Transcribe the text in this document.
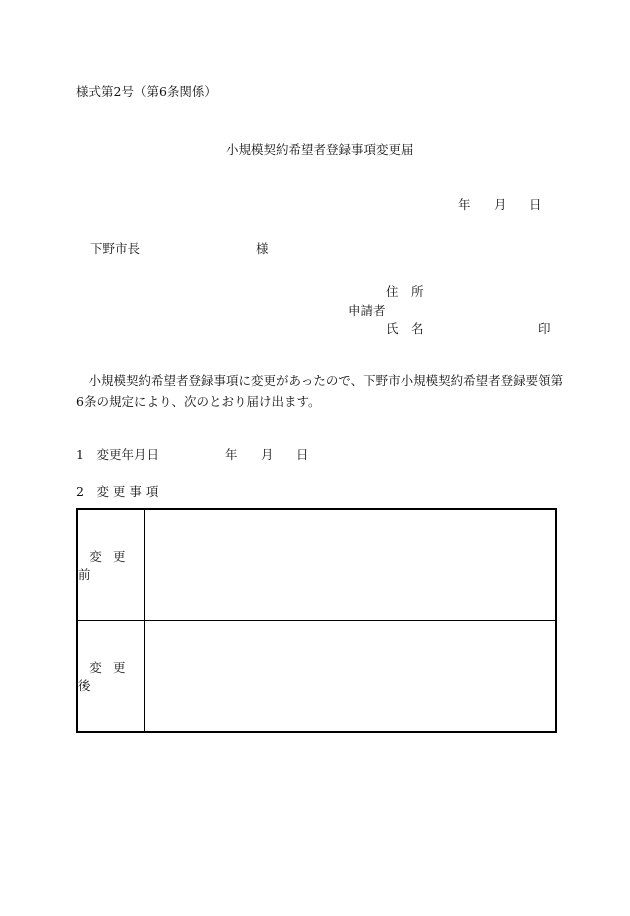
様式第2号（第6条関係）
小規模契約希望者登録事項変更届
年 月 日
下野市長	様
住　所
申請者
氏　名	印
小規模契約希望者登録事項に変更があったので、下野市小規模契約希望者登録要領第6条の規定により、次のとおり届け出ます。
1　変更年月日	年 月 日
2　変 更 事 項
変更前
変更後
